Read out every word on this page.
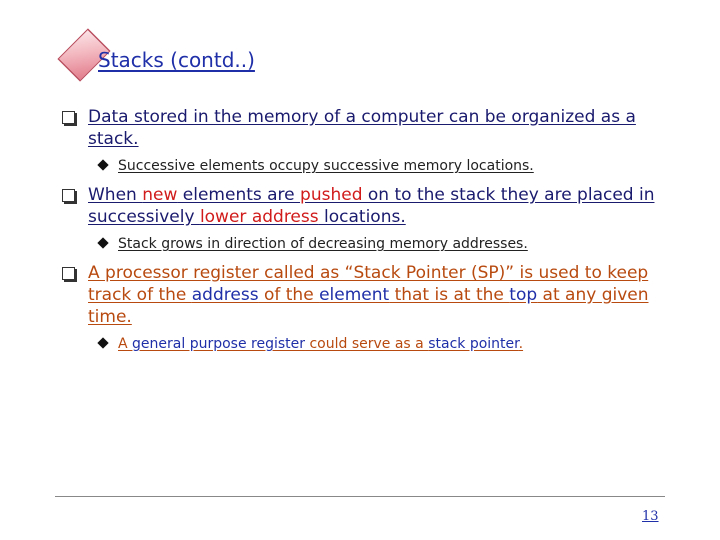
Stacks (contd..)
Data stored in the memory of a computer can be organized as a stack.
Successive elements occupy successive memory locations.
When new elements are pushed on to the stack they are placed in successively lower address locations.
Stack grows in direction of decreasing memory addresses.
A processor register called as “Stack Pointer (SP)” is used to keep track of the address of the element that is at the top at any given time.
A general purpose register could serve as a stack pointer.
13
